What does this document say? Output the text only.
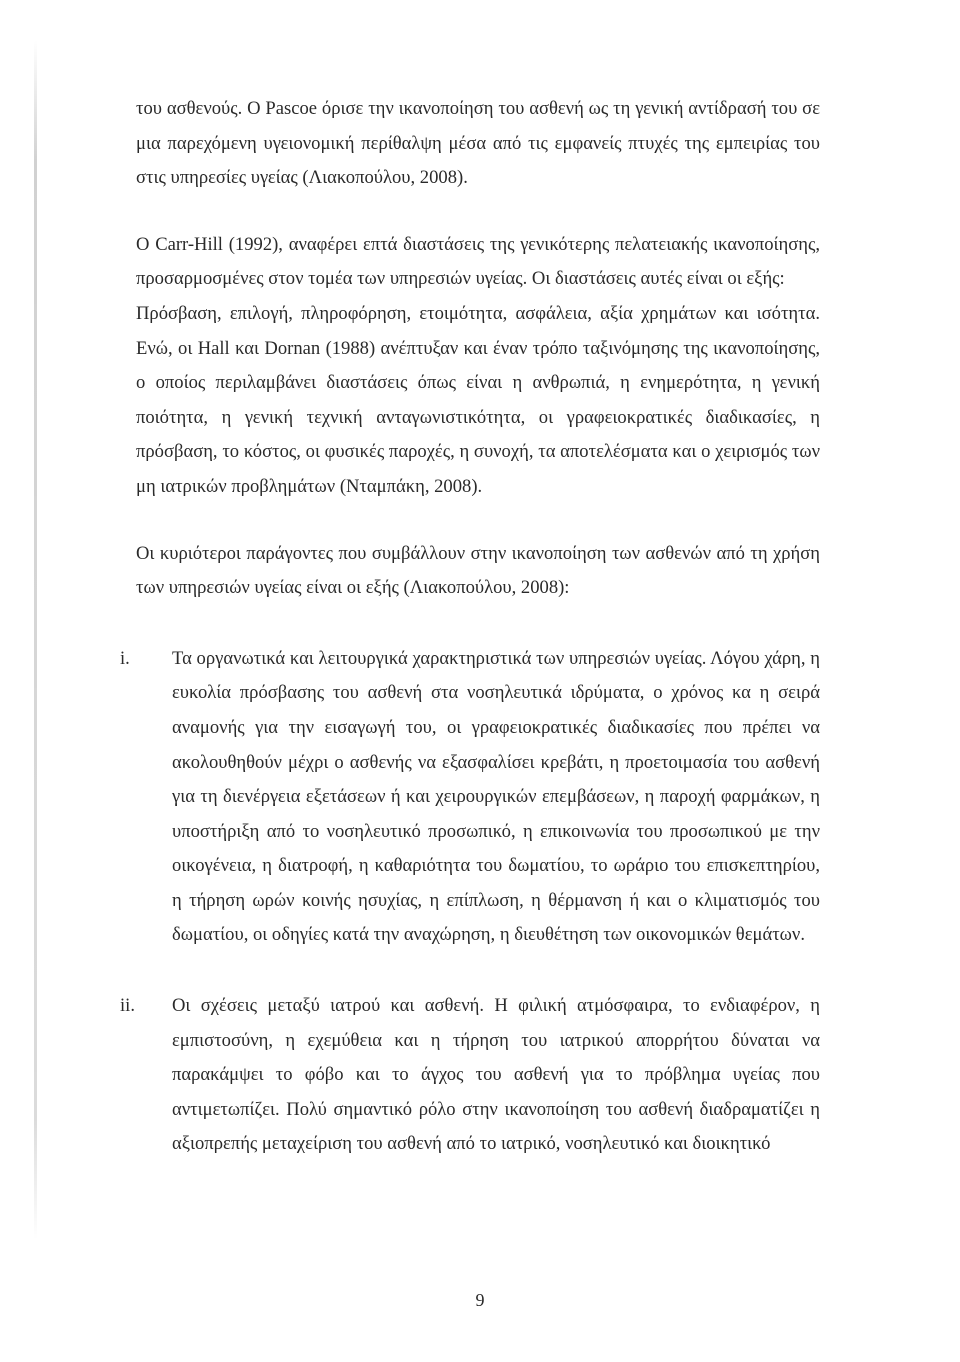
του ασθενούς. Ο Pascoe όρισε την ικανοποίηση του ασθενή ως τη γενική αντίδρασή του σε μια παρεχόμενη υγειονομική περίθαλψη μέσα από τις εμφανείς πτυχές της εμπειρίας του στις υπηρεσίες υγείας (Λιακοπούλου, 2008).

Ο Carr-Hill (1992), αναφέρει επτά διαστάσεις της γενικότερης πελατειακής ικανοποίησης, προσαρμοσμένες στον τομέα των υπηρεσιών υγείας. Οι διαστάσεις αυτές είναι οι εξής:

Πρόσβαση, επιλογή, πληροφόρηση, ετοιμότητα, ασφάλεια, αξία χρημάτων και ισότητα. Ενώ, οι Hall και Dornan (1988) ανέπτυξαν και έναν τρόπο ταξινόμησης της ικανοποίησης, ο οποίος περιλαμβάνει διαστάσεις όπως είναι η ανθρωπιά, η ενημερότητα, η γενική ποιότητα, η γενική τεχνική ανταγωνιστικότητα, οι γραφειοκρατικές διαδικασίες, η πρόσβαση, το κόστος, οι φυσικές παροχές, η συνοχή, τα αποτελέσματα και ο χειρισμός των μη ιατρικών προβλημάτων (Νταμπάκη, 2008).

Οι κυριότεροι παράγοντες που συμβάλλουν στην ικανοποίηση των ασθενών από τη χρήση των υπηρεσιών υγείας είναι οι εξής (Λιακοπούλου, 2008):

i.	Τα οργανωτικά και λειτουργικά χαρακτηριστικά των υπηρεσιών υγείας. Λόγου χάρη, η ευκολία πρόσβασης του ασθενή στα νοσηλευτικά ιδρύματα, ο χρόνος κα η σειρά αναμονής για την εισαγωγή του, οι γραφειοκρατικές διαδικασίες που πρέπει να ακολουθηθούν μέχρι ο ασθενής να εξασφαλίσει κρεβάτι, η προετοιμασία του ασθενή για τη διενέργεια εξετάσεων ή και χειρουργικών επεμβάσεων, η παροχή φαρμάκων, η υποστήριξη από το νοσηλευτικό προσωπικό, η επικοινωνία του προσωπικού με την οικογένεια, η διατροφή, η καθαριότητα του δωματίου, το ωράριο του επισκεπτηρίου, η τήρηση ωρών κοινής ησυχίας, η επίπλωση, η θέρμανση ή και ο κλιματισμός του δωματίου, οι οδηγίες κατά την αναχώρηση, η διευθέτηση των οικονομικών θεμάτων.

ii.	Οι σχέσεις μεταξύ ιατρού και ασθενή. Η φιλική ατμόσφαιρα, το ενδιαφέρον, η εμπιστοσύνη, η εχεμύθεια και η τήρηση του ιατρικού απορρήτου δύναται να παρακάμψει το φόβο και το άγχος του ασθενή για το πρόβλημα υγείας που αντιμετωπίζει. Πολύ σημαντικό ρόλο στην ικανοποίηση του ασθενή διαδραματίζει η αξιοπρεπής μεταχείριση του ασθενή από το ιατρικό, νοσηλευτικό και διοικητικό

9
